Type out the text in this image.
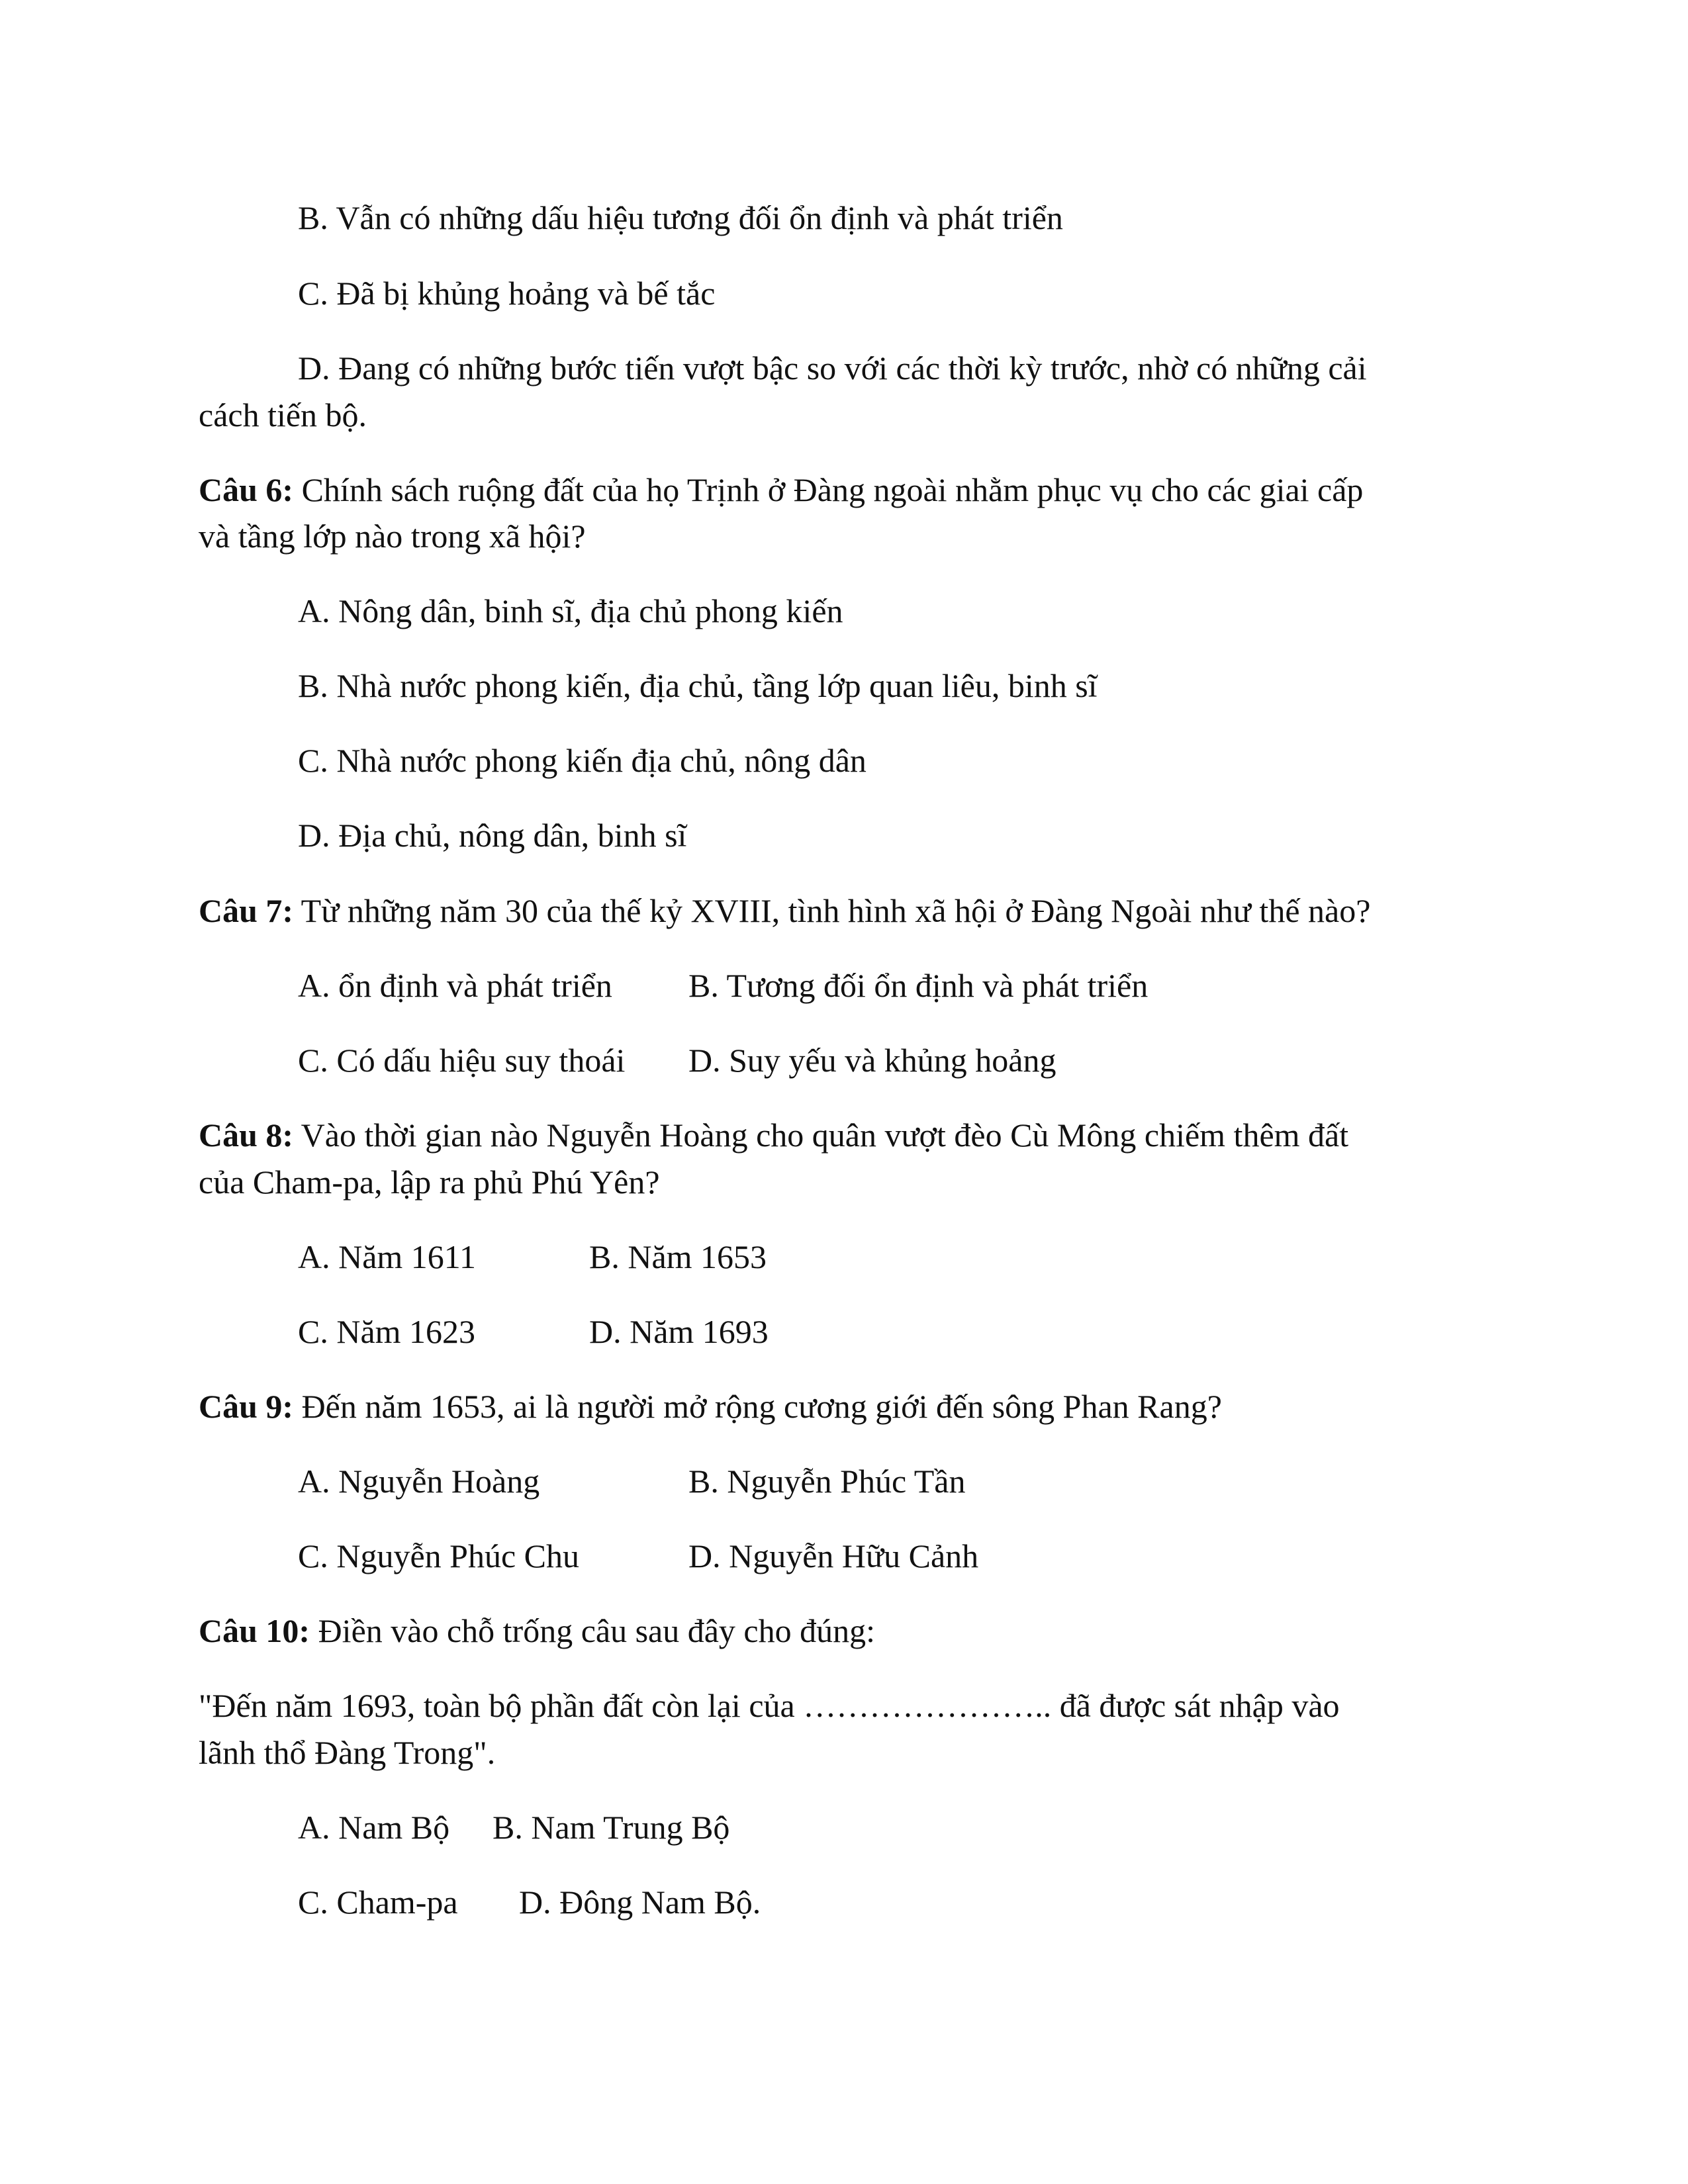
B. Vẫn có những dấu hiệu tương đối ổn định và phát triển
C. Đã bị khủng hoảng và bế tắc
D. Đang có những bước tiến vượt bậc so với các thời kỳ trước, nhờ có những cải
cách tiến bộ.
Câu 6: Chính sách ruộng đất của họ Trịnh ở Đàng ngoài nhằm phục vụ cho các giai cấp
và tầng lớp nào trong xã hội?
A. Nông dân, binh sĩ, địa chủ phong kiến
B. Nhà nước phong kiến, địa chủ, tầng lớp quan liêu, binh sĩ
C. Nhà nước phong kiến địa chủ, nông dân
D. Địa chủ, nông dân, binh sĩ
Câu 7: Từ những năm 30 của thế kỷ XVIII, tình hình xã hội ở Đàng Ngoài như thế nào?
A. ổn định và phát triển B. Tương đối ổn định và phát triển
C. Có dấu hiệu suy thoái D. Suy yếu và khủng hoảng
Câu 8: Vào thời gian nào Nguyễn Hoàng cho quân vượt đèo Cù Mông chiếm thêm đất
của Cham-pa, lập ra phủ Phú Yên?
A. Năm 1611	B. Năm 1653
C. Năm 1623	D. Năm 1693
Câu 9: Đến năm 1653, ai là người mở rộng cương giới đến sông Phan Rang?
A. Nguyễn Hoàng	B. Nguyễn Phúc Tần
C. Nguyễn Phúc Chu	D. Nguyễn Hữu Cảnh
Câu 10: Điền vào chỗ trống câu sau đây cho đúng:
"Đến năm 1693, toàn bộ phần đất còn lại của ………………….. đã được sát nhập vào
lãnh thổ Đàng Trong".
A. Nam Bộ B. Nam Trung Bộ
C. Cham-pa D. Đông Nam Bộ.
